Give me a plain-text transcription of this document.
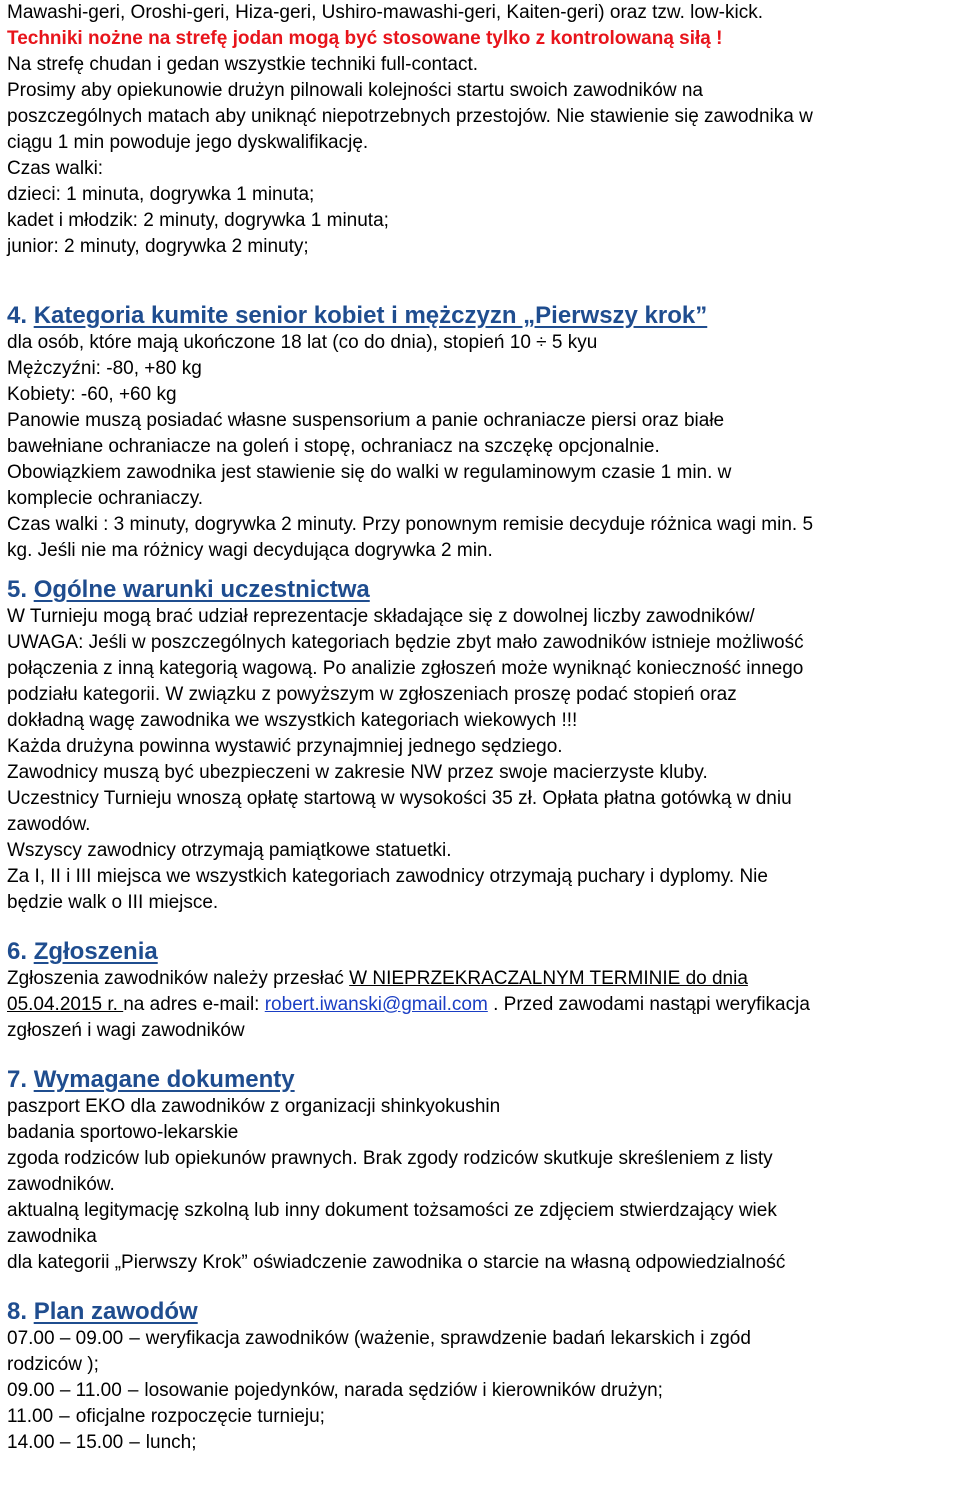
Mawashi-geri, Oroshi-geri, Hiza-geri, Ushiro-mawashi-geri, Kaiten-geri) oraz tzw. low-kick.

Techniki nożne na strefę jodan mogą być stosowane tylko z kontrolowaną siłą !

Na strefę chudan i gedan wszystkie techniki full-contact.

Prosimy aby opiekunowie drużyn pilnowali kolejności startu swoich zawodników na

poszczególnych matach aby uniknąć niepotrzebnych przestojów. Nie stawienie się zawodnika w

ciągu 1 min powoduje jego dyskwalifikację.

Czas walki:

dzieci: 1 minuta, dogrywka 1 minuta;

kadet i młodzik: 2 minuty, dogrywka 1 minuta;

junior: 2 minuty, dogrywka 2 minuty;

4. Kategoria kumite senior kobiet i mężczyzn „Pierwszy krok”

dla osób, które mają ukończone 18 lat (co do dnia), stopień 10 ÷ 5 kyu

Mężczyźni: -80, +80 kg

Kobiety: -60, +60 kg

Panowie muszą posiadać własne suspensorium a panie ochraniacze piersi oraz białe

bawełniane ochraniacze na goleń i stopę, ochraniacz na szczękę opcjonalnie.

Obowiązkiem zawodnika jest stawienie się do walki w regulaminowym czasie 1 min. w

komplecie ochraniaczy.

Czas walki : 3 minuty, dogrywka 2 minuty. Przy ponownym remisie decyduje różnica wagi min. 5

kg. Jeśli nie ma różnicy wagi decydująca dogrywka 2 min.

5. Ogólne warunki uczestnictwa

W Turnieju mogą brać udział reprezentacje składające się z dowolnej liczby zawodników/

UWAGA: Jeśli w poszczególnych kategoriach będzie zbyt mało zawodników istnieje możliwość

połączenia z inną kategorią wagową. Po analizie zgłoszeń może wyniknąć konieczność innego

podziału kategorii. W związku z powyższym w zgłoszeniach proszę podać stopień oraz

dokładną wagę zawodnika we wszystkich kategoriach wiekowych !!!

Każda drużyna powinna wystawić przynajmniej jednego sędziego.

Zawodnicy muszą być ubezpieczeni w zakresie NW przez swoje macierzyste kluby.

Uczestnicy Turnieju wnoszą opłatę startową w wysokości 35 zł. Opłata płatna gotówką w dniu

zawodów.

Wszyscy zawodnicy otrzymają pamiątkowe statuetki.

Za I, II i III miejsca we wszystkich kategoriach zawodnicy otrzymają puchary i dyplomy. Nie

będzie walk o III miejsce.

6. Zgłoszenia

Zgłoszenia zawodników należy przesłać W NIEPRZEKRACZALNYM TERMINIE do dnia

05.04.2015 r. na adres e-mail: robert.iwanski@gmail.com . Przed zawodami nastąpi weryfikacja

zgłoszeń i wagi zawodników

7. Wymagane dokumenty

paszport EKO dla zawodników z organizacji shinkyokushin

badania sportowo-lekarskie

zgoda rodziców lub opiekunów prawnych. Brak zgody rodziców skutkuje skreśleniem z listy

zawodników.

aktualną legitymację szkolną lub inny dokument tożsamości ze zdjęciem stwierdzający wiek

zawodnika

dla kategorii „Pierwszy Krok” oświadczenie zawodnika o starcie na własną odpowiedzialność

8. Plan zawodów

07.00 – 09.00 – weryfikacja zawodników (ważenie, sprawdzenie badań lekarskich i zgód

rodziców );

09.00 – 11.00 – losowanie pojedynków, narada sędziów i kierowników drużyn;

11.00 – oficjalne rozpoczęcie turnieju;

14.00 – 15.00 – lunch;
